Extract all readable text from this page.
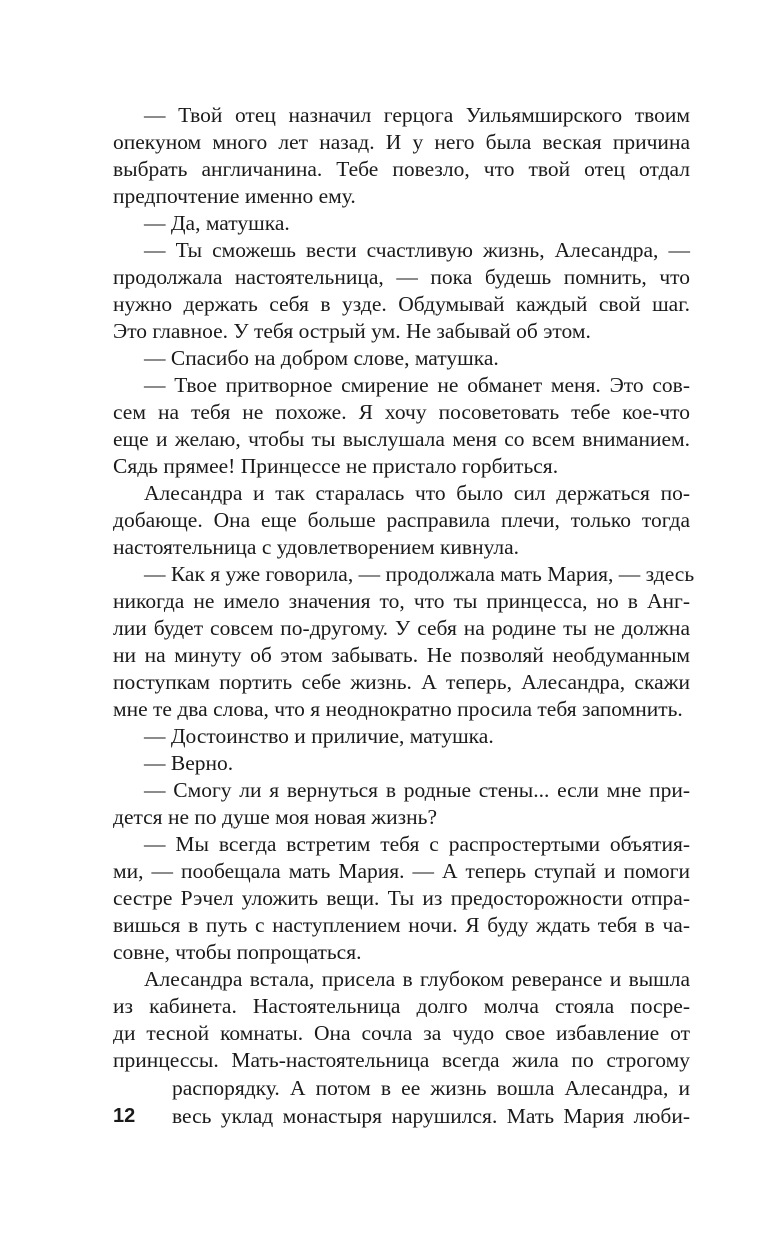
— Твой отец назначил герцога Уильямширского твоим

опекуном много лет назад. И у него была веская причина

выбрать англичанина. Тебе повезло, что твой отец отдал

предпочтение именно ему.

— Да, матушка.

— Ты сможешь вести счастливую жизнь, Алесандра, —

продолжала настоятельница, — пока будешь помнить, что

нужно держать себя в узде. Обдумывай каждый свой шаг.

Это главное. У тебя острый ум. Не забывай об этом.

— Спасибо на добром слове, матушка.

— Твое притворное смирение не обманет меня. Это сов-

сем на тебя не похоже. Я хочу посоветовать тебе кое-что

еще и желаю, чтобы ты выслушала меня со всем вниманием.

Сядь прямее! Принцессе не пристало горбиться.

Алесандра и так старалась что было сил держаться по-

добающе. Она еще больше расправила плечи, только тогда

настоятельница с удовлетворением кивнула.

— Как я уже говорила, — продолжала мать Мария, — здесь

никогда не имело значения то, что ты принцесса, но в Анг-

лии будет совсем по-другому. У себя на родине ты не должна

ни на минуту об этом забывать. Не позволяй необдуманным

поступкам портить себе жизнь. А теперь, Алесандра, скажи

мне те два слова, что я неоднократно просила тебя запомнить.

— Достоинство и приличие, матушка.

— Верно.

— Смогу ли я вернуться в родные стены... если мне при-

дется не по душе моя новая жизнь?

— Мы всегда встретим тебя с распростертыми объятия-

ми, — пообещала мать Мария. — А теперь ступай и помоги

сестре Рэчел уложить вещи. Ты из предосторожности отпра-

вишься в путь с наступлением ночи. Я буду ждать тебя в ча-

совне, чтобы попрощаться.

Алесандра встала, присела в глубоком реверансе и вышла

из кабинета. Настоятельница долго молча стояла посре-

ди тесной комнаты. Она сочла за чудо свое избавление от

принцессы. Мать-настоятельница всегда жила по строгому

распорядку. А потом в ее жизнь вошла Алесандра, и

весь уклад монастыря нарушился. Мать Мария люби-

12
